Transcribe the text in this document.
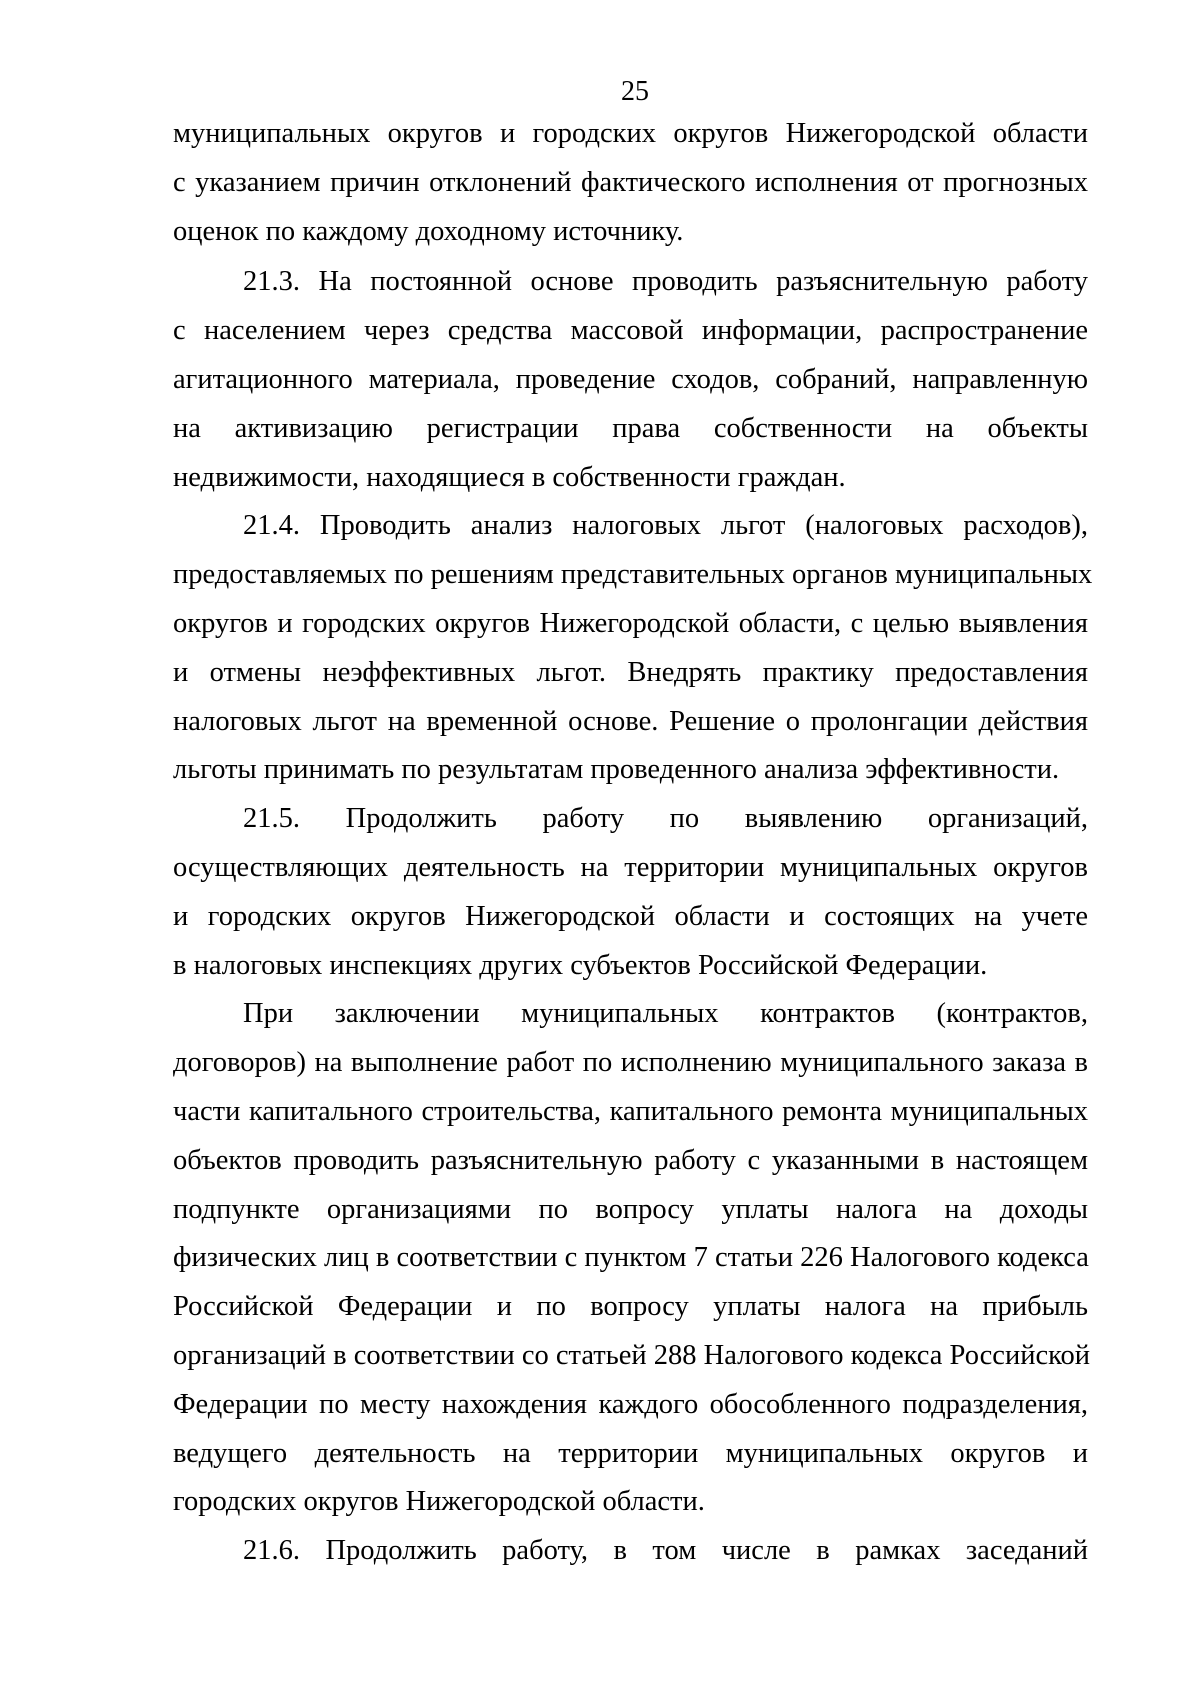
25
муниципальных округов и городских округов Нижегородской области
с указанием причин отклонений фактического исполнения от прогнозных
оценок по каждому доходному источнику.
21.3. На постоянной основе проводить разъяснительную работу
с населением через средства массовой информации, распространение
агитационного материала, проведение сходов, собраний, направленную
на активизацию регистрации права собственности на объекты
недвижимости, находящиеся в собственности граждан.
21.4. Проводить анализ налоговых льгот (налоговых расходов),
предоставляемых по решениям представительных органов муниципальных
округов и городских округов Нижегородской области, с целью выявления
и отмены неэффективных льгот. Внедрять практику предоставления
налоговых льгот на временной основе. Решение о пролонгации действия
льготы принимать по результатам проведенного анализа эффективности.
21.5. Продолжить работу по выявлению организаций,
осуществляющих деятельность на территории муниципальных округов
и городских округов Нижегородской области и состоящих на учете
в налоговых инспекциях других субъектов Российской Федерации.
При заключении муниципальных контрактов (контрактов,
договоров) на выполнение работ по исполнению муниципального заказа в
части капитального строительства, капитального ремонта муниципальных
объектов проводить разъяснительную работу с указанными в настоящем
подпункте организациями по вопросу уплаты налога на доходы
физических лиц в соответствии с пунктом 7 статьи 226 Налогового кодекса
Российской Федерации и по вопросу уплаты налога на прибыль
организаций в соответствии со статьей 288 Налогового кодекса Российской
Федерации по месту нахождения каждого обособленного подразделения,
ведущего деятельность на территории муниципальных округов и
городских округов Нижегородской области.
21.6. Продолжить работу, в том числе в рамках заседаний
